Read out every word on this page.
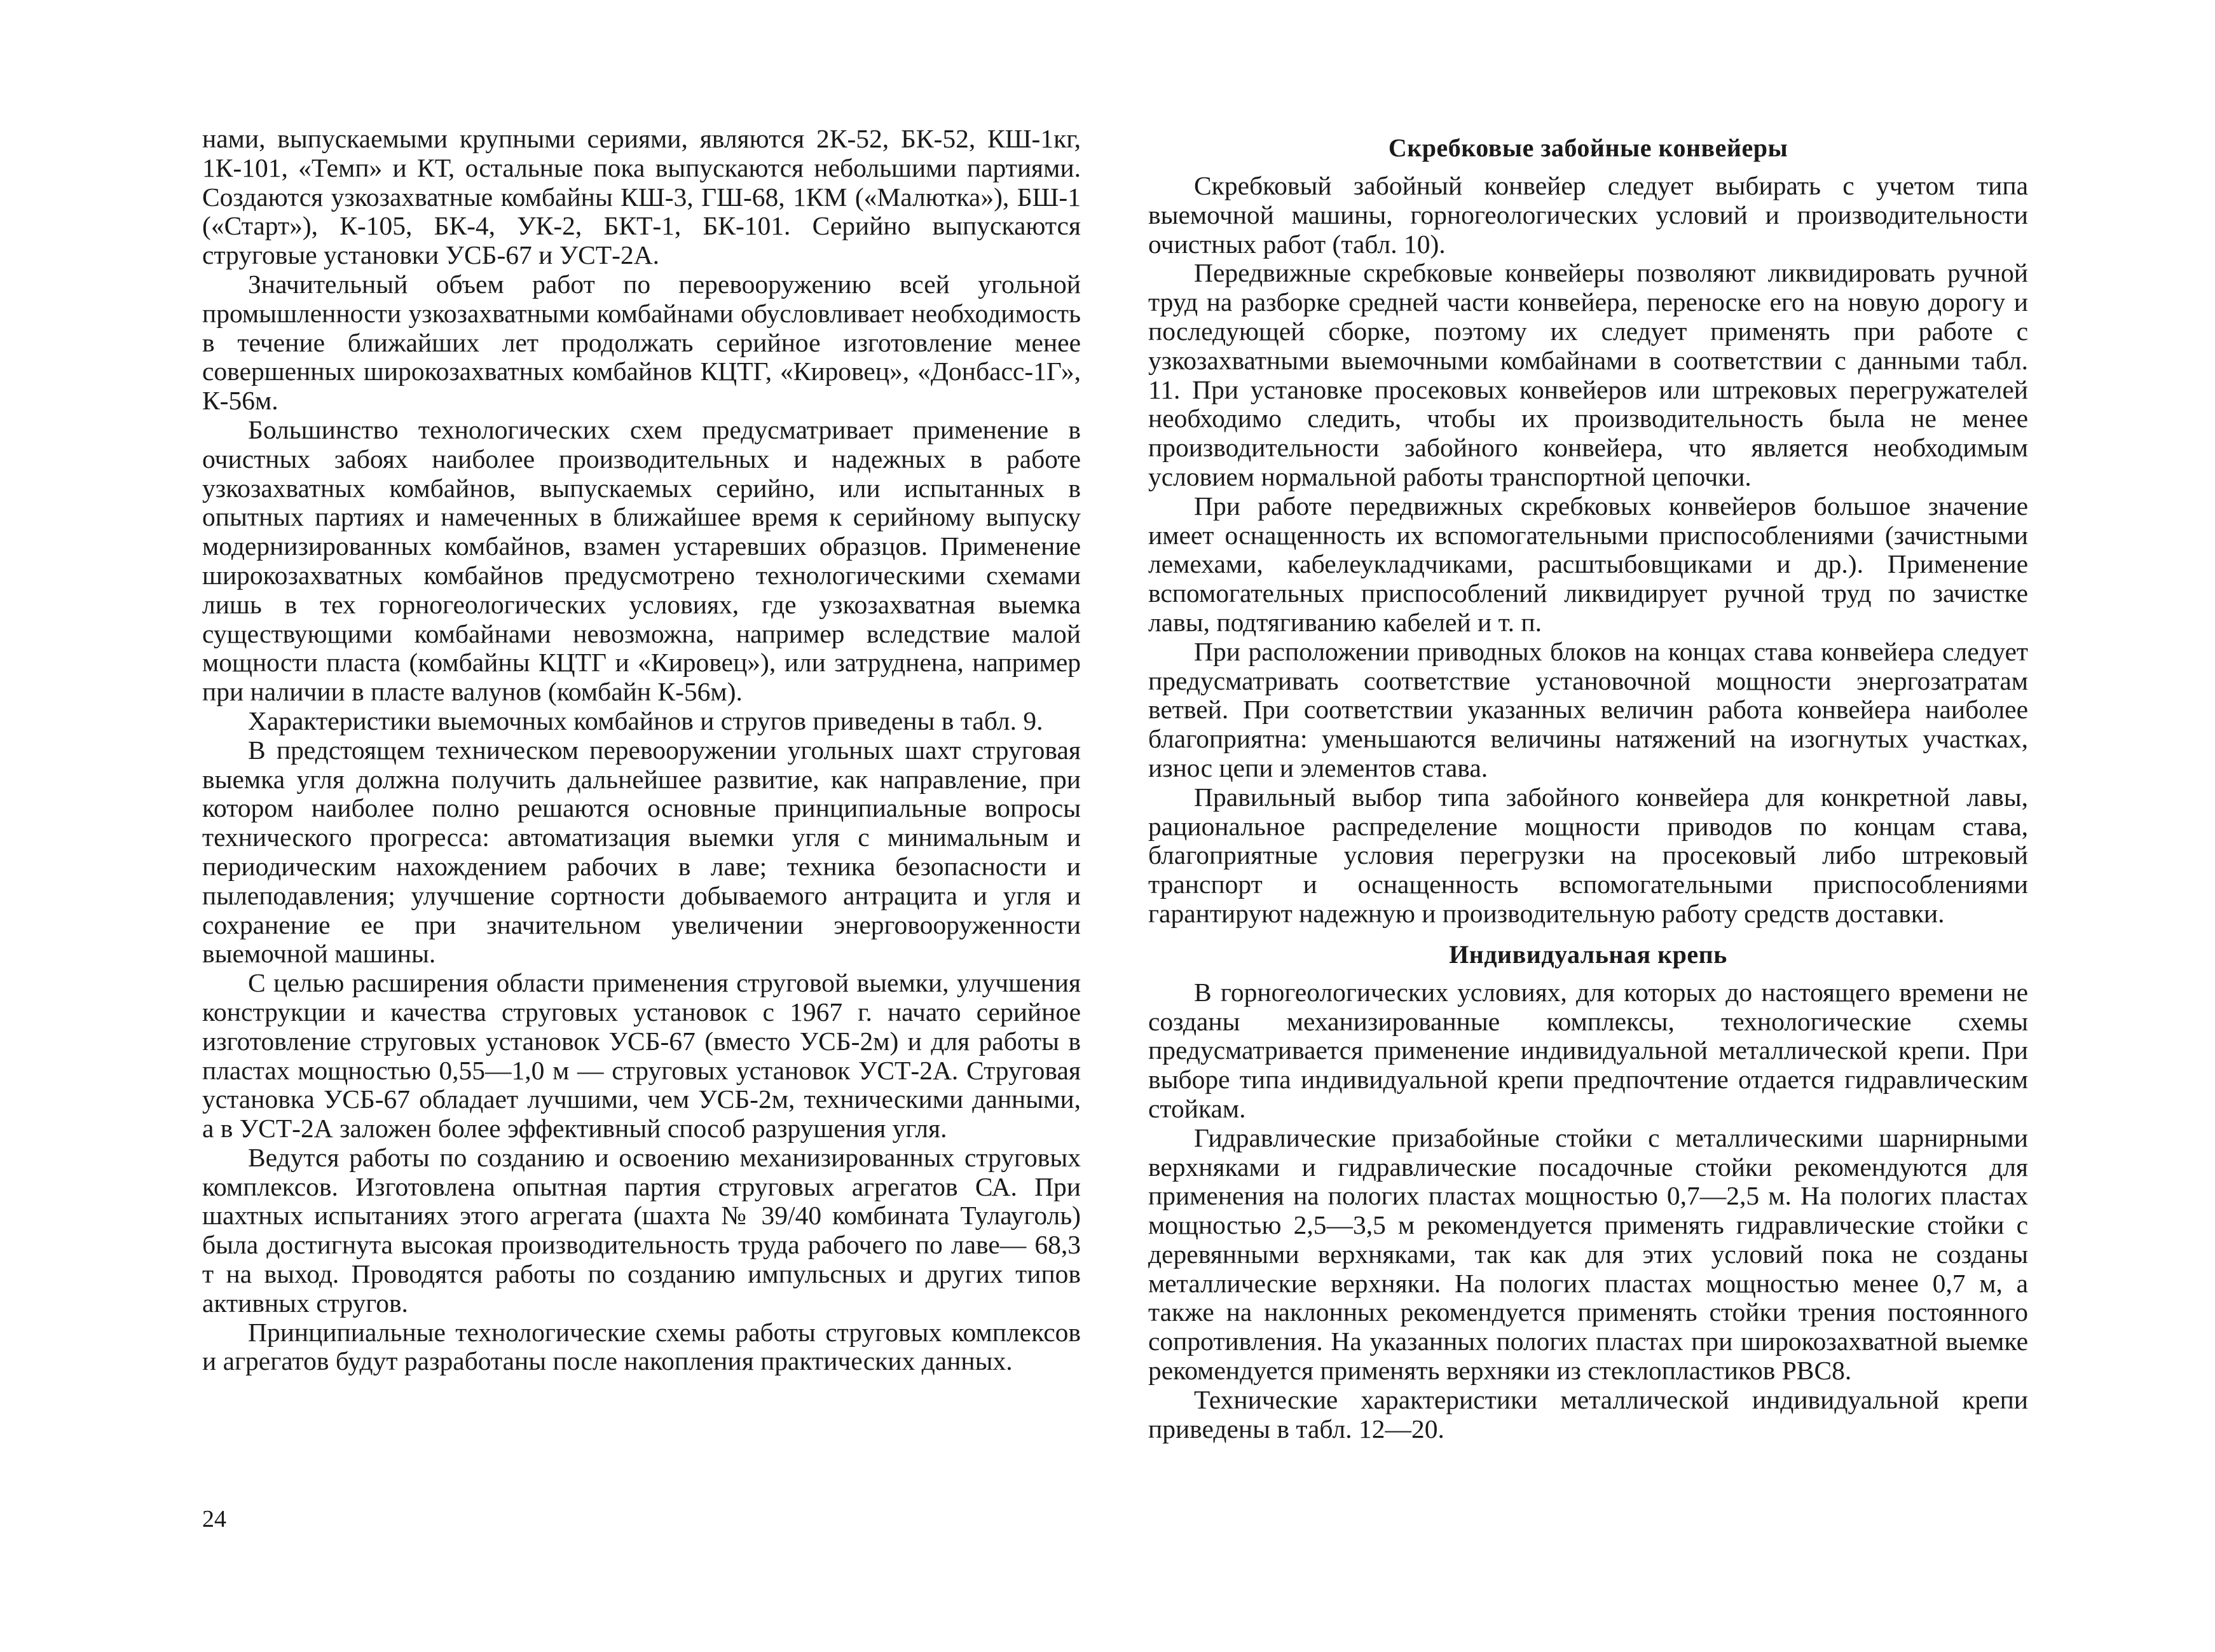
нами, выпускаемыми крупными сериями, являются 2К-52, БК-52, КШ-1кг, 1К-101, «Темп» и КТ, остальные пока выпускаются небольшими партиями. Создаются узкозахватные комбайны КШ-3, ГШ-68, 1КМ («Малютка»), БШ-1 («Старт»), К-105, БК-4, УК-2, БКТ-1, БК-101. Серийно выпускаются струговые установки УСБ-67 и УСТ-2А.

Значительный объем работ по перевооружению всей угольной промышленности узкозахватными комбайнами обусловливает необходимость в течение ближайших лет продолжать серийное изготовление менее совершенных широкозахватных комбайнов КЦТГ, «Кировец», «Донбасс-1Г», К-56м.

Большинство технологических схем предусматривает применение в очистных забоях наиболее производительных и надежных в работе узкозахватных комбайнов, выпускаемых серийно, или испытанных в опытных партиях и намеченных в ближайшее время к серийному выпуску модернизированных комбайнов, взамен устаревших образцов. Применение широкозахватных комбайнов предусмотрено технологическими схемами лишь в тех горногеологических условиях, где узкозахватная выемка существующими комбайнами невозможна, например вследствие малой мощности пласта (комбайны КЦТГ и «Кировец»), или затруднена, например при наличии в пласте валунов (комбайн К-56м).

Характеристики выемочных комбайнов и стругов приведены в табл. 9.

В предстоящем техническом перевооружении угольных шахт струговая выемка угля должна получить дальнейшее развитие, как направление, при котором наиболее полно решаются основные принципиальные вопросы технического прогресса: автоматизация выемки угля с минимальным и периодическим нахождением рабочих в лаве; техника безопасности и пылеподавления; улучшение сортности добываемого антрацита и угля и сохранение ее при значительном увеличении энерговооруженности выемочной машины.

С целью расширения области применения струговой выемки, улучшения конструкции и качества струговых установок с 1967 г. начато серийное изготовление струговых установок УСБ-67 (вместо УСБ-2м) и для работы в пластах мощностью 0,55—1,0 м — струговых установок УСТ-2А. Струговая установка УСБ-67 обладает лучшими, чем УСБ-2м, техническими данными, а в УСТ-2А заложен более эффективный способ разрушения угля.

Ведутся работы по созданию и освоению механизированных струговых комплексов. Изготовлена опытная партия струговых агрегатов СА. При шахтных испытаниях этого агрегата (шахта № 39/40 комбината Тулауголь) была достигнута высокая производительность труда рабочего по лаве— 68,3 т на выход. Проводятся работы по созданию импульсных и других типов активных стругов.

Принципиальные технологические схемы работы струговых комплексов и агрегатов будут разработаны после накопления практических данных.

24
Скребковые забойные конвейеры

Скребковый забойный конвейер следует выбирать с учетом типа выемочной машины, горногеологических условий и производительности очистных работ (табл. 10).

Передвижные скребковые конвейеры позволяют ликвидировать ручной труд на разборке средней части конвейера, переноске его на новую дорогу и последующей сборке, поэтому их следует применять при работе с узкозахватными выемочными комбайнами в соответствии с данными табл. 11. При установке просековых конвейеров или штрековых перегружателей необходимо следить, чтобы их производительность была не менее производительности забойного конвейера, что является необходимым условием нормальной работы транспортной цепочки.

При работе передвижных скребковых конвейеров большое значение имеет оснащенность их вспомогательными приспособлениями (зачистными лемехами, кабелеукладчиками, расштыбовщиками и др.). Применение вспомогательных приспособлений ликвидирует ручной труд по зачистке лавы, подтягиванию кабелей и т. п.

При расположении приводных блоков на концах става конвейера следует предусматривать соответствие установочной мощности энергозатратам ветвей. При соответствии указанных величин работа конвейера наиболее благоприятна: уменьшаются величины натяжений на изогнутых участках, износ цепи и элементов става.

Правильный выбор типа забойного конвейера для конкретной лавы, рациональное распределение мощности приводов по концам става, благоприятные условия перегрузки на просековый либо штрековый транспорт и оснащенность вспомогательными приспособлениями гарантируют надежную и производительную работу средств доставки.

Индивидуальная крепь

В горногеологических условиях, для которых до настоящего времени не созданы механизированные комплексы, технологические схемы предусматривается применение индивидуальной металлической крепи. При выборе типа индивидуальной крепи предпочтение отдается гидравлическим стойкам.

Гидравлические призабойные стойки с металлическими шарнирными верхняками и гидравлические посадочные стойки рекомендуются для применения на пологих пластах мощностью 0,7—2,5 м. На пологих пластах мощностью 2,5—3,5 м рекомендуется применять гидравлические стойки с деревянными верхняками, так как для этих условий пока не созданы металлические верхняки. На пологих пластах мощностью менее 0,7 м, а также на наклонных рекомендуется применять стойки трения постоянного сопротивления. На указанных пологих пластах при широкозахватной выемке рекомендуется применять верхняки из стеклопластиков РВС8.

Технические характеристики металлической индивидуальной крепи приведены в табл. 12—20.
